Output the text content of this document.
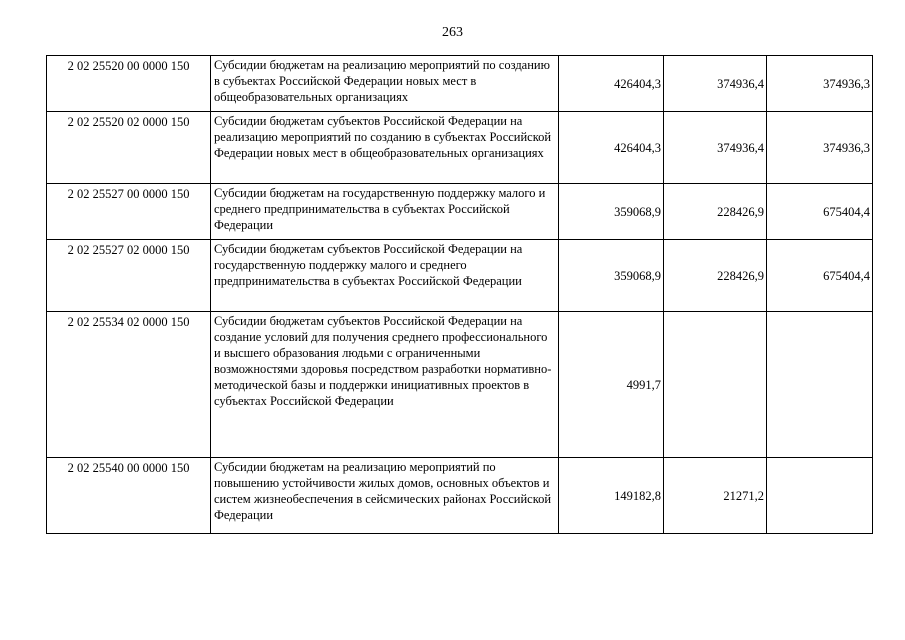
263
2 02 25520 00 0000 150	Субсидии бюджетам на реализацию мероприятий по созданию в субъектах Российской Федерации новых мест в общеобразовательных организациях	426404,3	374936,4	374936,3
2 02 25520 02 0000 150	Субсидии бюджетам субъектов Российской Федерации на реализацию мероприятий по созданию в субъектах Российской Федерации новых мест в общеобразовательных организациях	426404,3	374936,4	374936,3
2 02 25527 00 0000 150	Субсидии бюджетам на государственную поддержку малого и среднего предпринимательства в субъектах Российской Федерации	359068,9	228426,9	675404,4
2 02 25527 02 0000 150	Субсидии бюджетам субъектов Российской Федерации на государственную поддержку малого и среднего предпринимательства в субъектах Российской Федерации	359068,9	228426,9	675404,4
2 02 25534 02 0000 150	Субсидии бюджетам субъектов Российской Федерации на создание условий для получения среднего профессионального и высшего образования людьми с ограниченными возможностями здоровья посредством разработки нормативно-методической базы и поддержки инициативных проектов в субъектах Российской Федерации	4991,7		
2 02 25540 00 0000 150	Субсидии бюджетам на реализацию мероприятий по повышению устойчивости жилых домов, основных объектов и систем жизнеобеспечения в сейсмических районах Российской Федерации	149182,8	21271,2	
